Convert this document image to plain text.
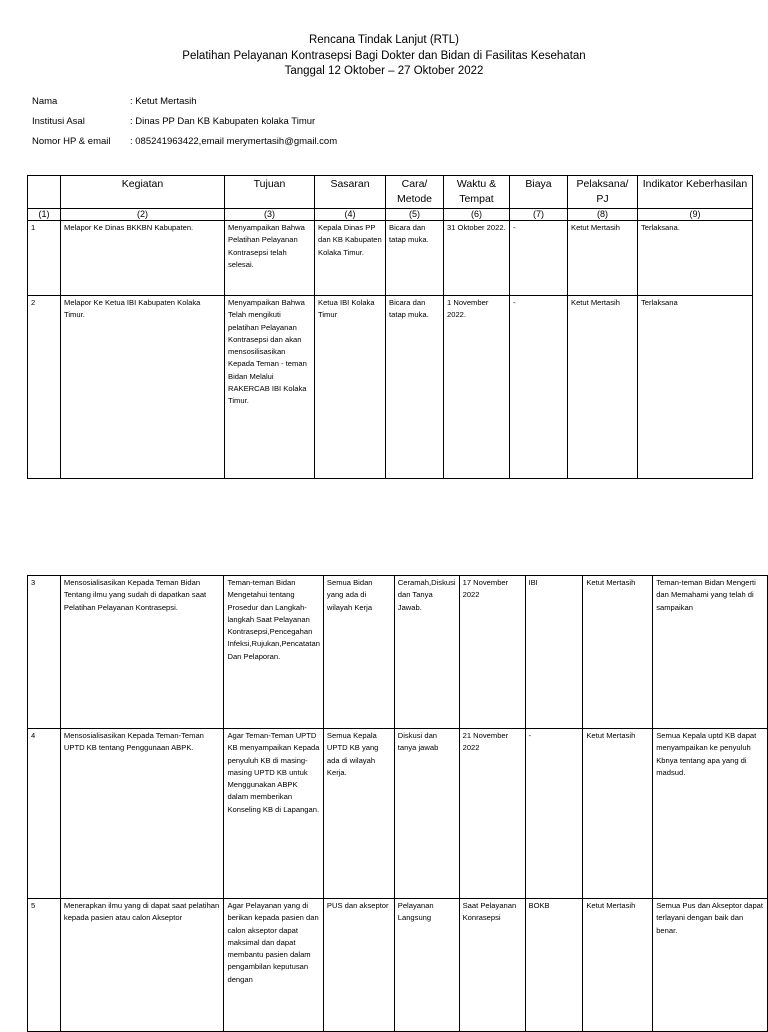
Rencana Tindak Lanjut (RTL)
Pelatihan Pelayanan Kontrasepsi Bagi Dokter dan Bidan di Fasilitas Kesehatan
Tanggal 12 Oktober – 27 Oktober 2022
Nama	: Ketut Mertasih
Institusi Asal	: Dinas PP Dan KB Kabupaten kolaka Timur
Nomor HP & email : 085241963422,email merymertasih@gmail.com
	Kegiatan	Tujuan	Sasaran	Cara/ Metode	Waktu & Tempat	Biaya	Pelaksana/ PJ	Indikator Keberhasilan
(1)	(2)	(3)	(4)	(5)	(6)	(7)	(8)	(9)
1	Melapor Ke Dinas BKKBN Kabupaten.	Menyampaikan Bahwa Pelatihan Pelayanan Kontrasepsi telah selesai.	Kepala Dinas PP dan KB Kabupaten Kolaka Timur.	Bicara dan tatap muka.	31 Oktober 2022.	-	Ketut Mertasih	Terlaksana.
2	Melapor Ke Ketua IBI Kabupaten Kolaka Timur.	Menyampaikan Bahwa Telah mengikuti pelatihan Pelayanan Kontrasepsi dan akan mensosilisasikan Kepada Teman - teman Bidan Melalui RAKERCAB IBI Kolaka Timur.	Ketua IBI Kolaka Timur	Bicara dan tatap muka.	1 November 2022.	-	Ketut Mertasih	Terlaksana
3	Mensosialisasikan Kepada Teman Bidan Tentang ilmu yang sudah di dapatkan saat Pelatihan Pelayanan Kontrasepsi.	Teman-teman Bidan Mengetahui tentang Prosedur dan Langkah-langkah Saat Pelayanan Kontrasepsi,Pencegahan Infeksi,Rujukan,Pencatatan Dan Pelaporan.	Semua Bidan yang ada di wilayah Kerja	Ceramah,Diskusi dan Tanya Jawab.	17 November 2022	IBI	Ketut Mertasih	Teman-teman Bidan Mengerti dan Memahami yang telah di sampaikan
4	Mensosialisasikan Kepada Teman-Teman UPTD KB tentang Penggunaan ABPK.	Agar Teman-Teman UPTD KB menyampaikan Kepada penyuluh KB di masing-masing UPTD KB untuk Menggunakan ABPK dalam memberikan Konseling KB di Lapangan.	Semua Kepala UPTD KB yang ada di wilayah Kerja.	Diskusi dan tanya jawab	21 November 2022	-	Ketut Mertasih	Semua Kepala uptd KB dapat menyampaikan ke penyuluh Kbnya tentang apa yang di madsud.
5	Menerapkan ilmu yang di dapat saat pelatihan kepada pasien atau calon Akseptor	Agar Pelayanan yang di berikan kepada pasien dan calon akseptor dapat maksimal dan dapat membantu pasien dalam pengambilan keputusan dengan	PUS dan akseptor	Pelayanan Langsung	Saat Pelayanan Konrasepsi	BOKB	Ketut Mertasih	Semua Pus dan Akseptor dapat terlayani dengan baik dan benar.
